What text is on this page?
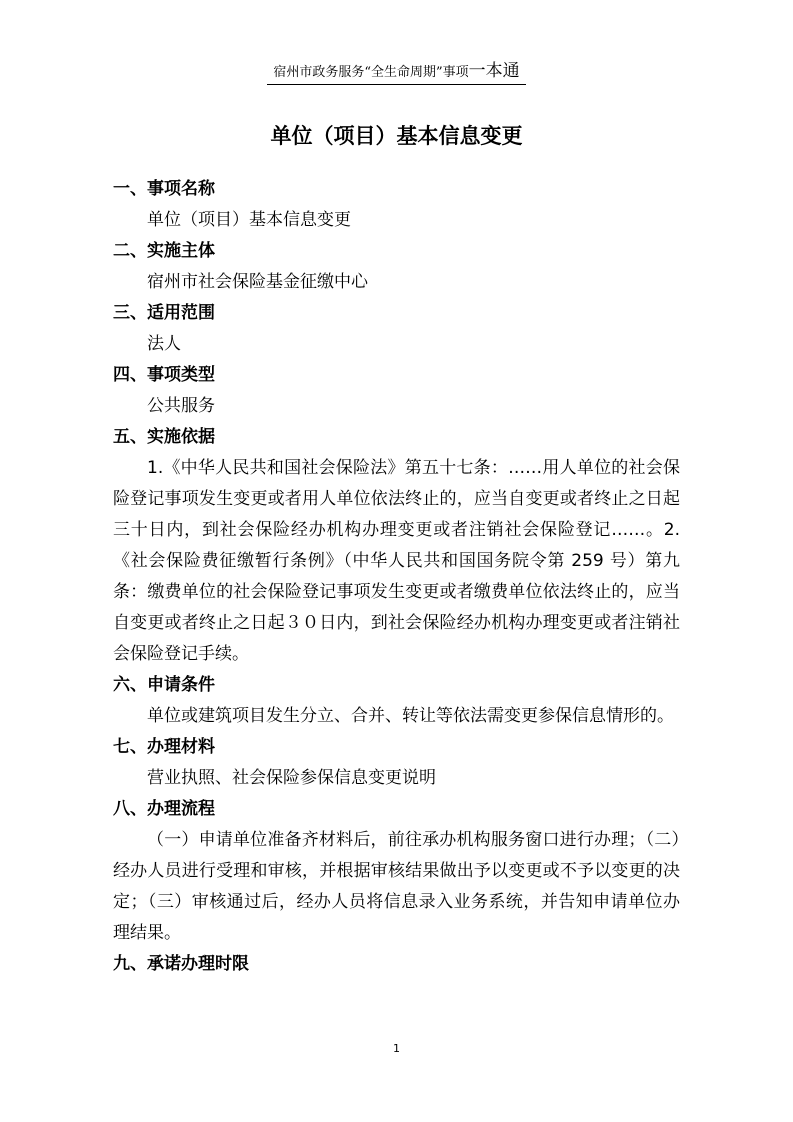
宿州市政务服务“全生命周期”事项一本通
单位（项目）基本信息变更

一、事项名称

单位（项目）基本信息变更

二、实施主体

宿州市社会保险基金征缴中心

三、适用范围

法人

四、事项类型

公共服务

五、实施依据

1.《中华人民共和国社会保险法》第五十七条：……用人单位的社会保险登记事项发生变更或者用人单位依法终止的，应当自变更或者终止之日起三十日内，到社会保险经办机构办理变更或者注销社会保险登记……。2.《社会保险费征缴暂行条例》（中华人民共和国国务院令第 259 号）第九条：缴费单位的社会保险登记事项发生变更或者缴费单位依法终止的，应当自变更或者终止之日起３０日内，到社会保险经办机构办理变更或者注销社会保险登记手续。

六、申请条件

单位或建筑项目发生分立、合并、转让等依法需变更参保信息情形的。

七、办理材料

营业执照、社会保险参保信息变更说明

八、办理流程

（一）申请单位准备齐材料后，前往承办机构服务窗口进行办理；（二）经办人员进行受理和审核，并根据审核结果做出予以变更或不予以变更的决定；（三）审核通过后，经办人员将信息录入业务系统，并告知申请单位办理结果。

九、承诺办理时限

1
